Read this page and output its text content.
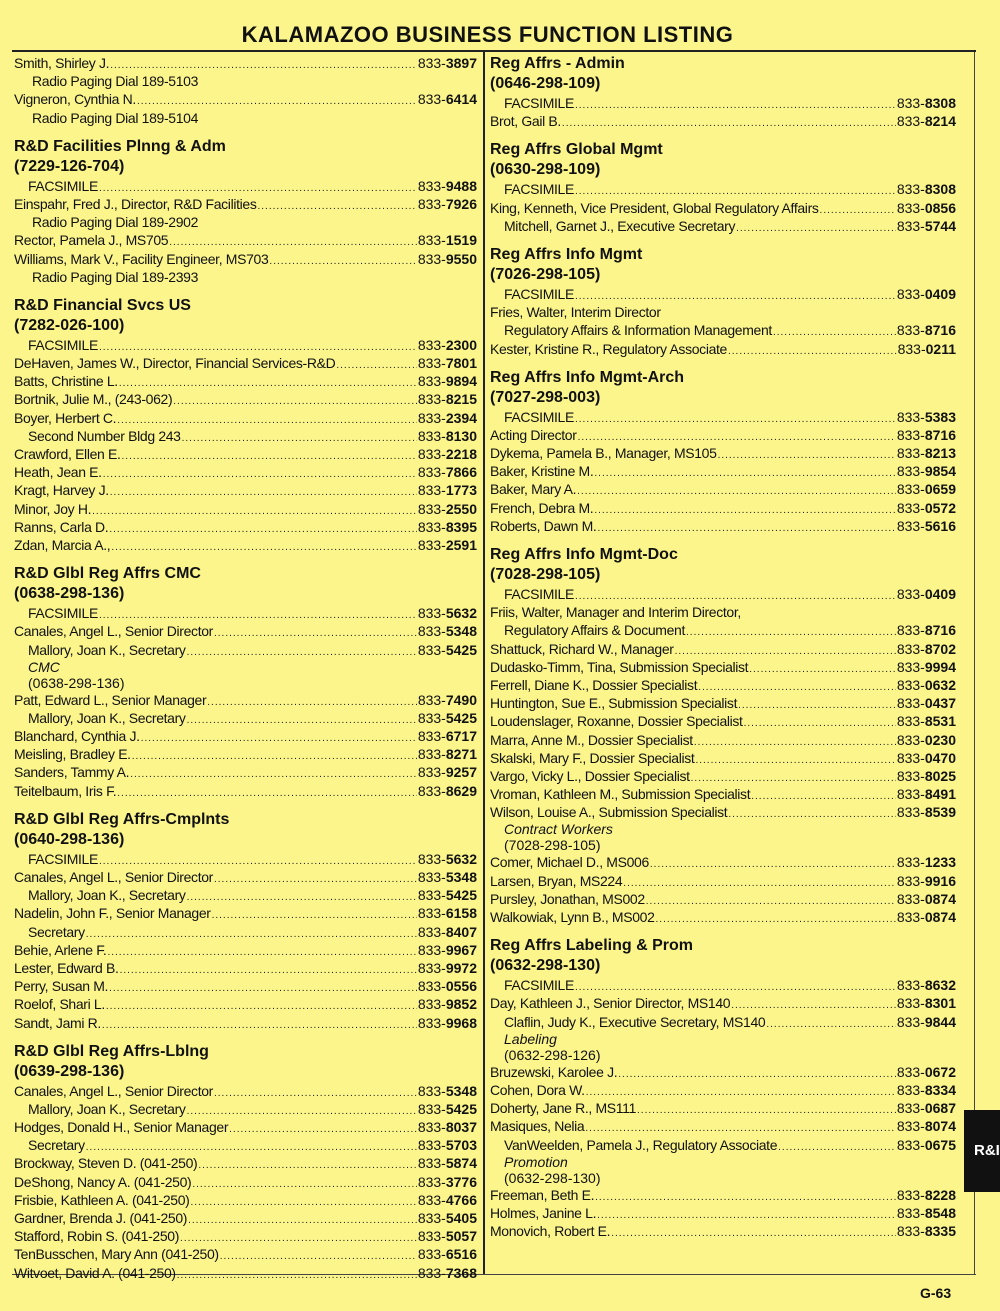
KALAMAZOO BUSINESS FUNCTION LISTING
Smith, Shirley J. .....	833-3897
Radio Paging Dial 189-5103
Vigneron, Cynthia N. .....	833-6414
Radio Paging Dial 189-5104
R&D Facilities Plnng & Adm
(7229-126-704)
FACSIMILE .....	833-9488
Einspahr, Fred J., Director, R&D Facilities .....	833-7926
Radio Paging Dial 189-2902
Rector, Pamela J., MS705 .....	833-1519
Williams, Mark V., Facility Engineer, MS703 .....	833-9550
Radio Paging Dial 189-2393
R&D Financial Svcs US
(7282-026-100)
FACSIMILE .....	833-2300
DeHaven, James W., Director, Financial Services-R&D .....	833-7801
Batts, Christine L. .....	833-9894
Bortnik, Julie M., (243-062) .....	833-8215
Boyer, Herbert C. .....	833-2394
Second Number Bldg 243 .....	833-8130
Crawford, Ellen E. .....	833-2218
Heath, Jean E. .....	833-7866
Kragt, Harvey J. .....	833-1773
Minor, Joy H. .....	833-2550
Ranns, Carla D. .....	833-8395
Zdan, Marcia A., .....	833-2591
R&D Glbl Reg Affrs CMC
(0638-298-136)
FACSIMILE .....	833-5632
Canales, Angel L., Senior Director .....	833-5348
Mallory, Joan K., Secretary .....	833-5425
CMC
(0638-298-136)
Patt, Edward L., Senior Manager .....	833-7490
Mallory, Joan K., Secretary .....	833-5425
Blanchard, Cynthia J. .....	833-6717
Meisling, Bradley E. .....	833-8271
Sanders, Tammy A. .....	833-9257
Teitelbaum, Iris F. .....	833-8629
R&D Glbl Reg Affrs-Cmplnts
(0640-298-136)
FACSIMILE .....	833-5632
Canales, Angel L., Senior Director .....	833-5348
Mallory, Joan K., Secretary .....	833-5425
Nadelin, John F., Senior Manager .....	833-6158
Secretary .....	833-8407
Behie, Arlene F. .....	833-9967
Lester, Edward B. .....	833-9972
Perry, Susan M. .....	833-0556
Roelof, Shari L. .....	833-9852
Sandt, Jami R. .....	833-9968
R&D Glbl Reg Affrs-Lblng
(0639-298-136)
Canales, Angel L., Senior Director .....	833-5348
Mallory, Joan K., Secretary .....	833-5425
Hodges, Donald H., Senior Manager .....	833-8037
Secretary .....	833-5703
Brockway, Steven D. (041-250) .....	833-5874
DeShong, Nancy A. (041-250) .....	833-3776
Frisbie, Kathleen A. (041-250) .....	833-4766
Gardner, Brenda J. (041-250) .....	833-5405
Stafford, Robin S. (041-250) .....	833-5057
TenBusschen, Mary Ann (041-250) .....	833-6516
Witvoet, David A. (041-250) .....	833-7368
Reg Affrs - Admin
(0646-298-109)
FACSIMILE .....	833-8308
Brot, Gail B. .....	833-8214
Reg Affrs Global Mgmt
(0630-298-109)
FACSIMILE .....	833-8308
King, Kenneth, Vice President, Global Regulatory Affairs .....	833-0856
Mitchell, Garnet J., Executive Secretary .....	833-5744
Reg Affrs Info Mgmt
(7026-298-105)
FACSIMILE .....	833-0409
Fries, Walter, Interim Director
Regulatory Affairs & Information Management .....	833-8716
Kester, Kristine R., Regulatory Associate .....	833-0211
Reg Affrs Info Mgmt-Arch
(7027-298-003)
FACSIMILE .....	833-5383
Acting Director .....	833-8716
Dykema, Pamela B., Manager, MS105 .....	833-8213
Baker, Kristine M. .....	833-9854
Baker, Mary A. .....	833-0659
French, Debra M. .....	833-0572
Roberts, Dawn M. .....	833-5616
Reg Affrs Info Mgmt-Doc
(7028-298-105)
FACSIMILE .....	833-0409
Friis, Walter, Manager and Interim Director,
Regulatory Affairs & Document .....	833-8716
Shattuck, Richard W., Manager .....	833-8702
Dudasko-Timm, Tina, Submission Specialist .....	833-9994
Ferrell, Diane K., Dossier Specialist .....	833-0632
Huntington, Sue E., Submission Specialist .....	833-0437
Loudenslager, Roxanne, Dossier Specialist .....	833-8531
Marra, Anne M., Dossier Specialist .....	833-0230
Skalski, Mary F., Dossier Specialist .....	833-0470
Vargo, Vicky L., Dossier Specialist .....	833-8025
Vroman, Kathleen M., Submission Specialist .....	833-8491
Wilson, Louise A., Submission Specialist .....	833-8539
Contract Workers
(7028-298-105)
Comer, Michael D., MS006 .....	833-1233
Larsen, Bryan, MS224 .....	833-9916
Pursley, Jonathan, MS002 .....	833-0874
Walkowiak, Lynn B., MS002 .....	833-0874
Reg Affrs Labeling & Prom
(0632-298-130)
FACSIMILE .....	833-8632
Day, Kathleen J., Senior Director, MS140 .....	833-8301
Claflin, Judy K., Executive Secretary, MS140 .....	833-9844
Labeling
(0632-298-126)
Bruzewski, Karolee J. .....	833-0672
Cohen, Dora W. .....	833-8334
Doherty, Jane R., MS111 .....	833-0687
Masiques, Nelia .....	833-8074
VanWeelden, Pamela J., Regulatory Associate .....	833-0675
Promotion
(0632-298-130)
Freeman, Beth E. .....	833-8228
Holmes, Janine L. .....	833-8548
Monovich, Robert E. .....	833-8335
R&I
G-63
